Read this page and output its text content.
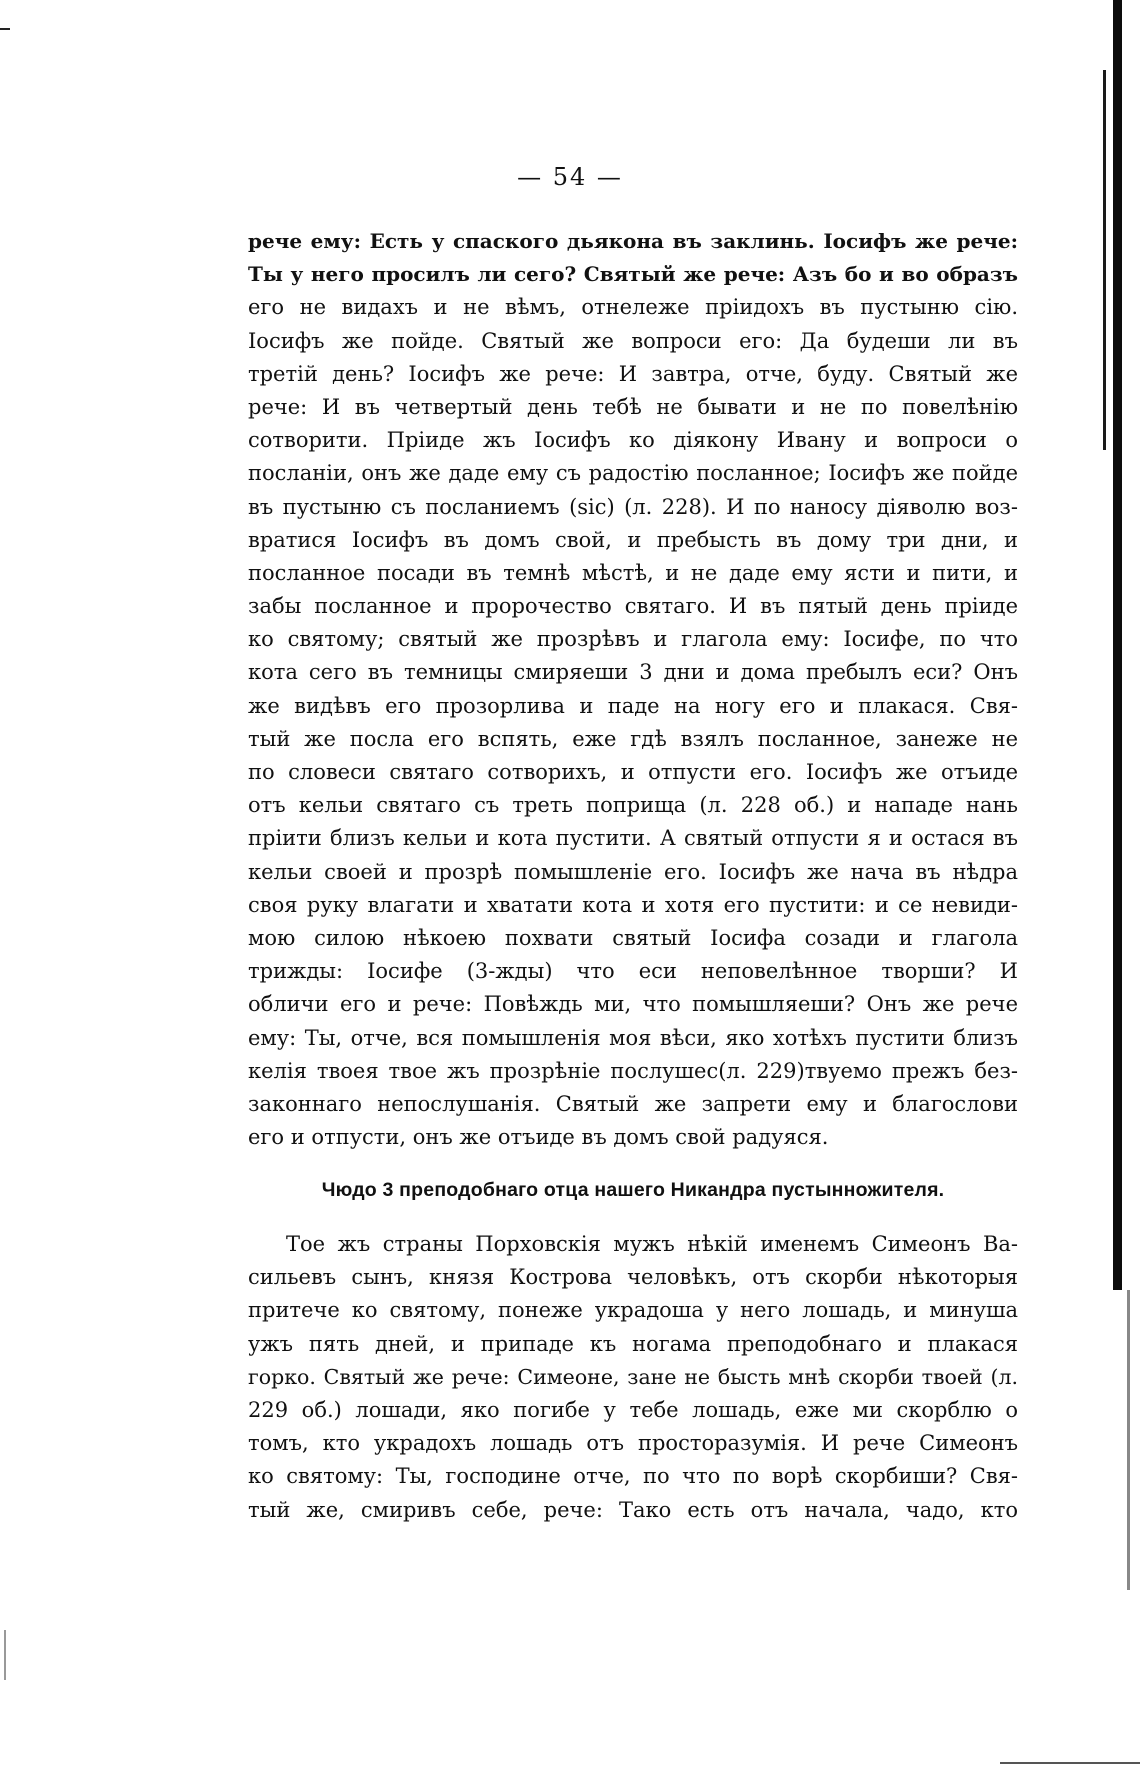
— 54 —
рече ему: Есть у спаского дьякона въ заклинь. Іосифъ же рече:
Ты у него просилъ ли сего? Святый же рече: Азъ бо и во образъ
его не видахъ и не вѣмъ, отнележе пріидохъ въ пустыню сію.
Іосифъ же пойде. Святый же вопроси его: Да будеши ли въ
третій день? Іосифъ же рече: И завтра, отче, буду. Святый же
рече: И въ четвертый день тебѣ не бывати и не по повелѣнію
сотворити. Пріиде жъ Іосифъ ко діякону Ивану и вопроси о
посланіи, онъ же даде ему съ радостію посланное; Іосифъ же пойде
въ пустыню съ посланиемъ (sic) (л. 228). И по наносу діяволю воз-
вратися Іосифъ въ домъ свой, и пребысть въ дому три дни, и
посланное посади въ темнѣ мѣстѣ, и не даде ему ясти и пити, и
забы посланное и пророчество святаго. И въ пятый день пріиде
ко святому; святый же прозрѣвъ и глагола ему: Іосифе, по что
кота сего въ темницы смиряеши 3 дни и дома пребылъ еси? Онъ
же видѣвъ его прозорлива и паде на ногу его и плакася. Свя-
тый же посла его вспять, еже гдѣ взялъ посланное, занеже не
по словеси святаго сотворихъ, и отпусти его. Іосифъ же отъиде
отъ кельи святаго съ треть поприща (л. 228 об.) и нападе нань
пріити близъ кельи и кота пустити. А святый отпусти я и остася въ
кельи своей и прозрѣ помышленіе его. Іосифъ же нача въ нѣдра
своя руку влагати и хватати кота и хотя его пустити: и се невиди-
мою силою нѣкоею похвати святый Іосифа созади и глагола
трижды: Іосифе (3-жды) что еси неповелѣнное творши? И
обличи его и рече: Повѣждь ми, что помышляеши? Онъ же рече
ему: Ты, отче, вся помышленія моя вѣси, яко хотѣхъ пустити близъ
келія твоея твое жъ прозрѣніе послушес(л. 229)твуемо прежъ без-
законнаго непослушанія. Святый же запрети ему и благослови
его и отпусти, онъ же отъиде въ домъ свой радуяся.
Чюдо 3 преподобнаго отца нашего Никандра пустынножителя.
Тое жъ страны Порховскія мужъ нѣкій именемъ Симеонъ Ва-
сильевъ сынъ, князя Кострова человѣкъ, отъ скорби нѣкоторыя
притече ко святому, понеже украдоша у него лошадь, и минуша
ужъ пять дней, и припаде къ ногама преподобнаго и плакася
горко. Святый же рече: Симеоне, зане не бысть мнѣ скорби твоей (л.
229 об.) лошади, яко погибе у тебе лошадь, еже ми скорблю о
томъ, кто украдохъ лошадь отъ просторазумія. И рече Симеонъ
ко святому: Ты, господине отче, по что по ворѣ скорбиши? Свя-
тый же, смиривъ себе, рече: Тако есть отъ начала, чадо, кто
